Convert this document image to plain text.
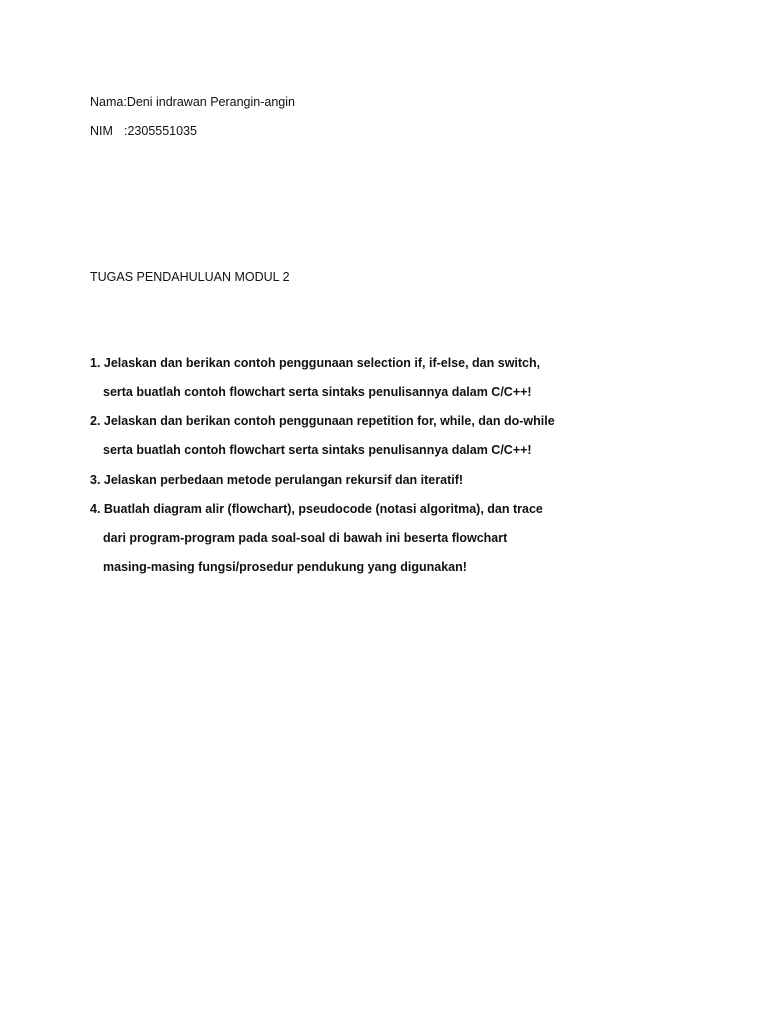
Nama:Deni indrawan Perangin-angin
NIM :2305551035
TUGAS PENDAHULUAN MODUL 2
1. Jelaskan dan berikan contoh penggunaan selection if, if-else, dan switch,
serta buatlah contoh flowchart serta sintaks penulisannya dalam C/C++!
2. Jelaskan dan berikan contoh penggunaan repetition for, while, dan do-while
serta buatlah contoh flowchart serta sintaks penulisannya dalam C/C++!
3. Jelaskan perbedaan metode perulangan rekursif dan iteratif!
4. Buatlah diagram alir (flowchart), pseudocode (notasi algoritma), dan trace
dari program-program pada soal-soal di bawah ini beserta flowchart
masing-masing fungsi/prosedur pendukung yang digunakan!
